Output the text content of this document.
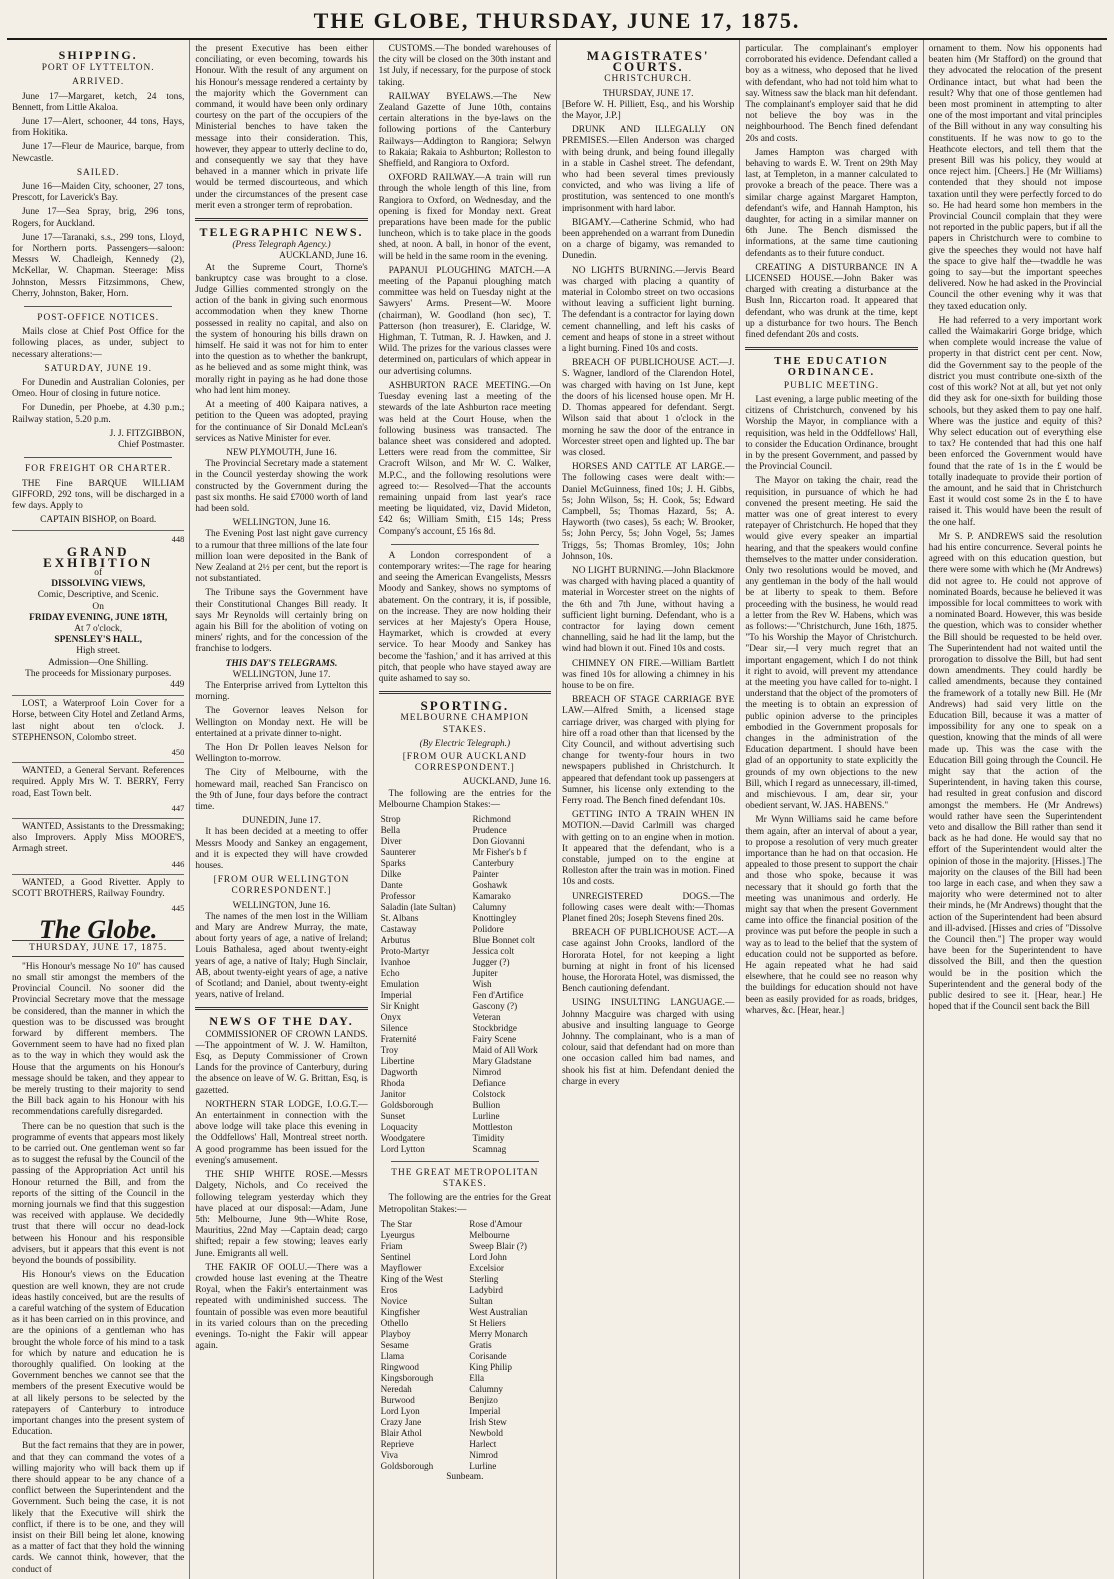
THE GLOBE, THURSDAY, JUNE 17, 1875.
SHIPPING.
PORT OF LYTTELTON.
ARRIVED.

June 17—Margaret, ketch, 24 tons, Bennett, from Little Akaloa.

June 17—Alert, schooner, 44 tons, Hays, from Hokitika.

June 17—Fleur de Maurice, barque, from Newcastle.

SAILED.

June 16—Maiden City, schooner, 27 tons, Prescott, for Laverick's Bay.

June 17—Sea Spray, brig, 296 tons, Rogers, for Auckland.

June 17—Taranaki, s.s., 299 tons, Lloyd, for Northern ports. Passengers—saloon: Messrs W. Chadleigh, Kennedy (2), McKellar, W. Chapman. Steerage: Miss Johnston, Messrs Fitzsimmons, Chew, Cherry, Johnston, Baker, Horn.

POST-OFFICE NOTICES.

Mails close at Chief Post Office for the following places, as under, subject to necessary alterations:—

SATURDAY, JUNE 19.

For Dunedin and Australian Colonies, per Omeo. Hour of closing in future notice.

For Dunedin, per Phoebe, at 4.30 p.m.; Railway station, 5.20 p.m.

J. J. FITZGIBBON,
Chief Postmaster.
FOR FREIGHT OR CHARTER.

THE Fine BARQUE WILLIAM GIFFORD, 292 tons, will be discharged in a few days. Apply to

CAPTAIN BISHOP, on Board.
448
GRAND EXHIBITION
of
DISSOLVING VIEWS,
Comic, Descriptive, and Scenic.
On
FRIDAY EVENING, JUNE 18TH,
At 7 o'clock,
SPENSLEY'S HALL,
High street.
Admission—One Shilling.
The proceeds for Missionary purposes.
449

LOST, a Waterproof Loin Cover for a Horse, between City Hotel and Zetland Arms, last night about ten o'clock. J. STEPHENSON, Colombo street.

450

WANTED, a General Servant. References required. Apply Mrs W. T. BERRY, Ferry road, East Town belt.

447

WANTED, Assistants to the Dressmaking; also Improvers. Apply Miss MOORE'S, Armagh street.

446

WANTED, a Good Rivetter. Apply to SCOTT BROTHERS, Railway Foundry.

445
The Globe.
THURSDAY, JUNE 17, 1875.

"His Honour's message No 10" has caused no small stir amongst the members of the Provincial Council. No sooner did the Provincial Secretary move that the message be considered, than the manner in which the question was to be discussed was brought forward by different members. The Government seem to have had no fixed plan as to the way in which they would ask the House that the arguments on his Honour's message should be taken, and they appear to be merely trusting to their majority to send the Bill back again to his Honour with his recommendations carefully disregarded.

There can be no question that such is the programme of events that appears most likely to be carried out. One gentleman went so far as to suggest the refusal by the Council of the passing of the Appropriation Act until his Honour returned the Bill, and from the reports of the sitting of the Council in the morning journals we find that this suggestion was received with applause. We decidedly trust that there will occur no dead-lock between his Honour and his responsible advisers, but it appears that this event is not beyond the bounds of possibility.

His Honour's views on the Education question are well known, they are not crude ideas hastily conceived, but are the results of a careful watching of the system of Education as it has been carried on in this province, and are the opinions of a gentleman who has brought the whole force of his mind to a task for which by nature and education he is thoroughly qualified. On looking at the Government benches we cannot see that the members of the present Executive would be at all likely persons to be selected by the ratepayers of Canterbury to introduce important changes into the present system of Education.

But the fact remains that they are in power, and that they can command the votes of a willing majority who will back them up if there should appear to be any chance of a conflict between the Superintendent and the Government. Such being the case, it is not likely that the Executive will shirk the conflict, if there is to be one, and they will insist on their Bill being let alone, knowing as a matter of fact that they hold the winning cards. We cannot think, however, that the conduct of

the present Executive has been either conciliating, or even becoming, towards his Honour. With the result of any argument on his Honour's message rendered a certainty by the majority which the Government can command, it would have been only ordinary courtesy on the part of the occupiers of the Ministerial benches to have taken the message into their consideration. This, however, they appear to utterly decline to do, and consequently we say that they have behaved in a manner which in private life would be termed discourteous, and which under the circumstances of the present case merit even a stronger term of reprobation.

TELEGRAPHIC NEWS.
(Press Telegraph Agency.)
AUCKLAND, June 16.

At the Supreme Court, Thorne's bankruptcy case was brought to a close. Judge Gillies commented strongly on the action of the bank in giving such enormous accommodation when they knew Thorne possessed in reality no capital, and also on the system of honouring his bills drawn on himself. He said it was not for him to enter into the question as to whether the bankrupt, as he believed and as some might think, was morally right in paying as he had done those who had lent him money.

At a meeting of 400 Kaipara natives, a petition to the Queen was adopted, praying for the continuance of Sir Donald McLean's services as Native Minister for ever.

NEW PLYMOUTH, June 16.

The Provincial Secretary made a statement in the Council yesterday showing the work constructed by the Government during the past six months. He said £7000 worth of land had been sold.

WELLINGTON, June 16.

The Evening Post last night gave currency to a rumour that three millions of the late four million loan were deposited in the Bank of New Zealand at 2½ per cent, but the report is not substantiated.

The Tribune says the Government have their Constitutional Changes Bill ready. It says Mr Reynolds will certainly bring on again his Bill for the abolition of voting on miners' rights, and for the concession of the franchise to lodgers.

THIS DAY'S TELEGRAMS.
WELLINGTON, June 17.

The Enterprise arrived from Lyttelton this morning.

The Governor leaves Nelson for Wellington on Monday next. He will be entertained at a private dinner to-night.

The Hon Dr Pollen leaves Nelson for Wellington to-morrow.

The City of Melbourne, with the homeward mail, reached San Francisco on the 9th of June, four days before the contract time.

DUNEDIN, June 17.

It has been decided at a meeting to offer Messrs Moody and Sankey an engagement, and it is expected they will have crowded houses.

[FROM OUR WELLINGTON CORRESPONDENT.]
WELLINGTON, June 16.

The names of the men lost in the William and Mary are Andrew Murray, the mate, about forty years of age, a native of Ireland; Louis Bathalesa, aged about twenty-eight years of age, a native of Italy; Hugh Sinclair, AB, about twenty-eight years of age, a native of Scotland; and Daniel, about twenty-eight years, native of Ireland.

NEWS OF THE DAY.

COMMISSIONER OF CROWN LANDS.—The appointment of W. J. W. Hamilton, Esq, as Deputy Commissioner of Crown Lands for the province of Canterbury, during the absence on leave of W. G. Brittan, Esq, is gazetted.

NORTHERN STAR LODGE, I.O.G.T.—An entertainment in connection with the above lodge will take place this evening in the Oddfellows' Hall, Montreal street north. A good programme has been issued for the evening's amusement.

THE SHIP WHITE ROSE.—Messrs Dalgety, Nichols, and Co received the following telegram yesterday which they have placed at our disposal:—Adam, June 5th: Melbourne, June 9th—White Rose, Mauritius, 22nd May —Captain dead; cargo shifted; repair a few stowing; leaves early June. Emigrants all well.

THE FAKIR OF OOLU.—There was a crowded house last evening at the Theatre Royal, when the Fakir's entertainment was repeated with undiminished success. The fountain of possible was even more beautiful in its varied colours than on the preceding evenings. To-night the Fakir will appear again.

CUSTOMS.—The bonded warehouses of the city will be closed on the 30th instant and 1st July, if necessary, for the purpose of stock taking.

RAILWAY BYELAWS.—The New Zealand Gazette of June 10th, contains certain alterations in the bye-laws on the following portions of the Canterbury Railways—Addington to Rangiora; Selwyn to Rakaia; Rakaia to Ashburton; Rolleston to Sheffield, and Rangiora to Oxford.

OXFORD RAILWAY.—A train will run through the whole length of this line, from Rangiora to Oxford, on Wednesday, and the opening is fixed for Monday next. Great preparations have been made for the public luncheon, which is to take place in the goods shed, at noon. A ball, in honor of the event, will be held in the same room in the evening.

PAPANUI PLOUGHING MATCH.—A meeting of the Papanui ploughing match committee was held on Tuesday night at the Sawyers' Arms. Present—W. Moore (chairman), W. Goodland (hon sec), T. Patterson (hon treasurer), E. Claridge, W. Highman, T. Tutman, R. J. Hawken, and J. Wild. The prizes for the various classes were determined on, particulars of which appear in our advertising columns.

ASHBURTON RACE MEETING.—On Tuesday evening last a meeting of the stewards of the late Ashburton race meeting was held at the Court House, when the following business was transacted. The balance sheet was considered and adopted. Letters were read from the committee, Sir Cracroft Wilson, and Mr W. C. Walker, M.P.C., and the following resolutions were agreed to:— Resolved—That the accounts remaining unpaid from last year's race meeting be liquidated, viz, David Mideton, £42 6s; William Smith, £15 14s; Press Company's account, £5 16s 8d.

A London correspondent of a contemporary writes:—The rage for hearing and seeing the American Evangelists, Messrs Moody and Sankey, shows no symptoms of abatement. On the contrary, it is, if possible, on the increase. They are now holding their services at her Majesty's Opera House, Haymarket, which is crowded at every service. To hear Moody and Sankey has become the 'fashion,' and it has arrived at this pitch, that people who have stayed away are quite ashamed to say so.

SPORTING.
MELBOURNE CHAMPION STAKES.
(By Electric Telegraph.)
[FROM OUR AUCKLAND CORRESPONDENT.]
AUCKLAND, June 16.

The following are the entries for the Melbourne Champion Stakes:—

Strop	Richmond
Bella	Prudence
Diver	Don Giovanni
Saunterer	Mr Fisher's b f
Sparks	Canterbury
Dilke	Painter
Dante	Goshawk
Professor	Kamarako
Saladin (late Sultan)	Calumny
St. Albans	Knottingley
Castaway	Polidore
Arbutus	Blue Bonnet colt
Proto-Martyr	Jessica colt
Ivanhoe	Jugger (?)
Echo	Jupiter
Emulation	Wish
Imperial	Fen d'Artifice
Sir Knight	Gascony (?)
Onyx	Veteran
Silence	Stockbridge
Fraternité	Fairy Scene
Troy	Maid of All Work
Libertine	Mary Gladstane
Dagworth	Nimrod
Rhoda	Defiance
Janitor	Colstock
Goldsborough	Bullion
Sunset	Lurline
Loquacity	Mottleston
Woodgatere	Timidity
Lord Lytton	Scamnag
THE GREAT METROPOLITAN STAKES.

The following are the entries for the Great Metropolitan Stakes:—

The Star	Rose d'Amour
Lyeurgus	Melbourne
Friam	Sweep Blair (?)
Sentinel	Lord John
Mayflower	Excelsior
King of the West	Sterling
Eros	Ladybird
Novice	Sultan
Kingfisher	West Australian
Othello	St Heliers
Playboy	Merry Monarch
Sesame	Gratis
Llama	Corisande
Ringwood	King Philip
Kingsborough	Ella
Neredah	Calumny
Burwood	Benjizo
Lord Lyon	Imperial
Crazy Jane	Irish Stew
Blair Athol	Newbold
Reprieve	Harlect
Viva	Nimrod
Goldsborough	Lurline
Sunbeam.
MAGISTRATES' COURTS.
CHRISTCHURCH.
THURSDAY, JUNE 17.

[Before W. H. Pilliett, Esq., and his Worship the Mayor, J.P.]

DRUNK AND ILLEGALLY ON PREMISES.—Ellen Anderson was charged with being drunk, and being found illegally in a stable in Cashel street. The defendant, who had been several times previously convicted, and who was living a life of prostitution, was sentenced to one month's imprisonment with hard labor.

BIGAMY.—Catherine Schmid, who had been apprehended on a warrant from Dunedin on a charge of bigamy, was remanded to Dunedin.

NO LIGHTS BURNING.—Jervis Beard was charged with placing a quantity of material in Colombo street on two occasions without leaving a sufficient light burning. The defendant is a contractor for laying down cement channelling, and left his casks of cement and heaps of stone in a street without a light burning. Fined 10s and costs.

BREACH OF PUBLICHOUSE ACT.—J. S. Wagner, landlord of the Clarendon Hotel, was charged with having on 1st June, kept the doors of his licensed house open. Mr H. D. Thomas appeared for defendant. Sergt. Wilson said that about 1 o'clock in the morning he saw the door of the entrance in Worcester street open and lighted up. The bar was closed.

HORSES AND CATTLE AT LARGE.—The following cases were dealt with:—Daniel McGuinness, fined 10s; J. H. Gibbs, 5s; John Wilson, 5s; H. Cook, 5s; Edward Campbell, 5s; Thomas Hazard, 5s; A. Hayworth (two cases), 5s each; W. Brooker, 5s; John Percy, 5s; John Vogel, 5s; James Triggs, 5s; Thomas Bromley, 10s; John Johnson, 10s.

NO LIGHT BURNING.—John Blackmore was charged with having placed a quantity of material in Worcester street on the nights of the 6th and 7th June, without having a sufficient light burning. Defendant, who is a contractor for laying down cement channelling, said he had lit the lamp, but the wind had blown it out. Fined 10s and costs.

CHIMNEY ON FIRE.—William Bartlett was fined 10s for allowing a chimney in his house to be on fire.

BREACH OF STAGE CARRIAGE BYE LAW.—Alfred Smith, a licensed stage carriage driver, was charged with plying for hire off a road other than that licensed by the City Council, and without advertising such change for twenty-four hours in two newspapers published in Christchurch. It appeared that defendant took up passengers at Sumner, his license only extending to the Ferry road. The Bench fined defendant 10s.

GETTING INTO A TRAIN WHEN IN MOTION.—David Carlmill was charged with getting on to an engine when in motion. It appeared that the defendant, who is a constable, jumped on to the engine at Rolleston after the train was in motion. Fined 10s and costs.

UNREGISTERED DOGS.—The following cases were dealt with:—Thomas Planet fined 20s; Joseph Stevens fined 20s.

BREACH OF PUBLICHOUSE ACT.—A case against John Crooks, landlord of the Hororata Hotel, for not keeping a light burning at night in front of his licensed house, the Hororata Hotel, was dismissed, the Bench cautioning defendant.

USING INSULTING LANGUAGE.—Johnny Macguire was charged with using abusive and insulting language to George Johnny. The complainant, who is a man of colour, said that defendant had on more than one occasion called him bad names, and shook his fist at him. Defendant denied the charge in every

particular. The complainant's employer corroborated his evidence. Defendant called a boy as a witness, who deposed that he lived with defendant, who had not told him what to say. Witness saw the black man hit defendant. The complainant's employer said that he did not believe the boy was in the neighbourhood. The Bench fined defendant 20s and costs.

James Hampton was charged with behaving to wards E. W. Trent on 29th May last, at Templeton, in a manner calculated to provoke a breach of the peace. There was a similar charge against Margaret Hampton, defendant's wife, and Hannah Hampton, his daughter, for acting in a similar manner on 6th June. The Bench dismissed the informations, at the same time cautioning defendants as to their future conduct.

CREATING A DISTURBANCE IN A LICENSED HOUSE.—John Baker was charged with creating a disturbance at the Bush Inn, Riccarton road. It appeared that defendant, who was drunk at the time, kept up a disturbance for two hours. The Bench fined defendant 20s and costs.

THE EDUCATION ORDINANCE.
PUBLIC MEETING.

Last evening, a large public meeting of the citizens of Christchurch, convened by his Worship the Mayor, in compliance with a requisition, was held in the Oddfellows' Hall, to consider the Education Ordinance, brought in by the present Government, and passed by the Provincial Council.

The Mayor on taking the chair, read the requisition, in pursuance of which he had convened the present meeting. He said the matter was one of great interest to every ratepayer of Christchurch. He hoped that they would give every speaker an impartial hearing, and that the speakers would confine themselves to the matter under consideration. Only two resolutions would be moved, and any gentleman in the body of the hall would be at liberty to speak to them. Before proceeding with the business, he would read a letter from the Rev W. Habens, which was as follows:—"Christchurch, June 16th, 1875. "To his Worship the Mayor of Christchurch. "Dear sir,—I very much regret that an important engagement, which I do not think it right to avoid, will prevent my attendance at the meeting you have called for to-night. I understand that the object of the promoters of the meeting is to obtain an expression of public opinion adverse to the principles embodied in the Government proposals for changes in the administration of the Education department. I should have been glad of an opportunity to state explicitly the grounds of my own objections to the new Bill, which I regard as unnecessary, ill-timed, and mischievous. I am, dear sir, your obedient servant, W. JAS. HABENS."

Mr Wynn Williams said he came before them again, after an interval of about a year, to propose a resolution of very much greater importance than he had on that occasion. He appealed to those present to support the chair and those who spoke, because it was necessary that it should go forth that the meeting was unanimous and orderly. He might say that when the present Government came into office the financial position of the province was put before the people in such a way as to lead to the belief that the system of education could not be supported as before. He again repeated what he had said elsewhere, that he could see no reason why the buildings for education should not have been as easily provided for as roads, bridges, wharves, &c. [Hear, hear.]

ornament to them. Now his opponents had beaten him (Mr Stafford) on the ground that they advocated the relocation of the present Ordinance intact, but what had been the result? Why that one of those gentlemen had been most prominent in attempting to alter one of the most important and vital principles of the Bill without in any way consulting his constituents. If he was now to go to the Heathcote electors, and tell them that the present Bill was his policy, they would at once reject him. [Cheers.] He (Mr Williams) contended that they should not impose taxation until they were perfectly forced to do so. He had heard some hon members in the Provincial Council complain that they were not reported in the public papers, but if all the papers in Christchurch were to combine to give the speeches they would not have half the space to give half the—twaddle he was going to say—but the important speeches delivered. Now he had asked in the Provincial Council the other evening why it was that they taxed education only.

He had referred to a very important work called the Waimakariri Gorge bridge, which when complete would increase the value of property in that district cent per cent. Now, did the Government say to the people of the district you must contribute one-sixth of the cost of this work? Not at all, but yet not only did they ask for one-sixth for building those schools, but they asked them to pay one half. Where was the justice and equity of this? Why select education out of everything else to tax? He contended that had this one half been enforced the Government would have found that the rate of 1s in the £ would be totally inadequate to provide their portion of the amount, and he said that in Christchurch East it would cost some 2s in the £ to have raised it. This would have been the result of the one half.

Mr S. P. ANDREWS said the resolution had his entire concurrence. Several points he agreed with on this education question, but there were some with which he (Mr Andrews) did not agree to. He could not approve of nominated Boards, because he believed it was impossible for local committees to work with a nominated Board. However, this was beside the question, which was to consider whether the Bill should be requested to be held over. The Superintendent had not waited until the prorogation to dissolve the Bill, but had sent down amendments. They could hardly be called amendments, because they contained the framework of a totally new Bill. He (Mr Andrews) had said very little on the Education Bill, because it was a matter of impossibility for any one to speak on a question, knowing that the minds of all were made up. This was the case with the Education Bill going through the Council. He might say that the action of the Superintendent, in having taken this course, had resulted in great confusion and discord amongst the members. He (Mr Andrews) would rather have seen the Superintendent veto and disallow the Bill rather than send it back as he had done. He would say that no effort of the Superintendent would alter the opinion of those in the majority. [Hisses.] The majority on the clauses of the Bill had been too large in each case, and when they saw a majority who were determined not to alter their minds, he (Mr Andrews) thought that the action of the Superintendent had been absurd and ill-advised. [Hisses and cries of "Dissolve the Council then."] The proper way would have been for the Superintendent to have dissolved the Bill, and then the question would be in the position which the Superintendent and the general body of the public desired to see it. [Hear, hear.] He hoped that if the Council sent back the Bill
